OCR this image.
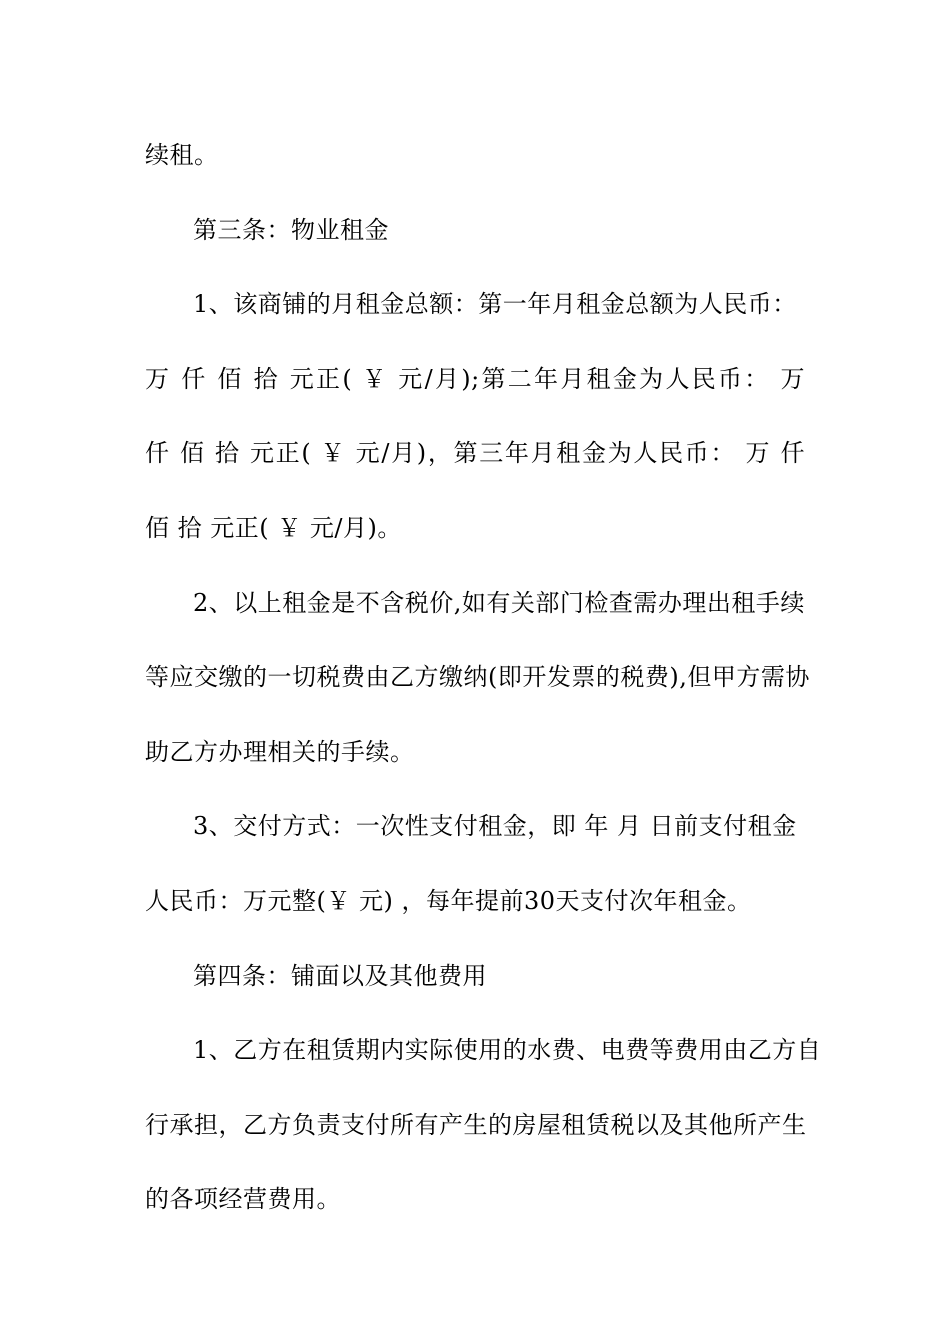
续租。
第三条：物业租金
1、该商铺的月租金总额：第一年月租金总额为人民币：
万 仟 佰 拾 元正( ￥ 元/月);第二年月租金为人民币： 万
仟 佰 拾 元正( ￥ 元/月)，第三年月租金为人民币： 万 仟
佰 拾 元正( ￥ 元/月)。
2、以上租金是不含税价,如有关部门检查需办理出租手续
等应交缴的一切税费由乙方缴纳(即开发票的税费),但甲方需协
助乙方办理相关的手续。
3、交付方式：一次性支付租金，即 年 月 日前支付租金
人民币：万元整(￥ 元) ，每年提前30天支付次年租金。
第四条：铺面以及其他费用
1、乙方在租赁期内实际使用的水费、电费等费用由乙方自
行承担，乙方负责支付所有产生的房屋租赁税以及其他所产生
的各项经营费用。
